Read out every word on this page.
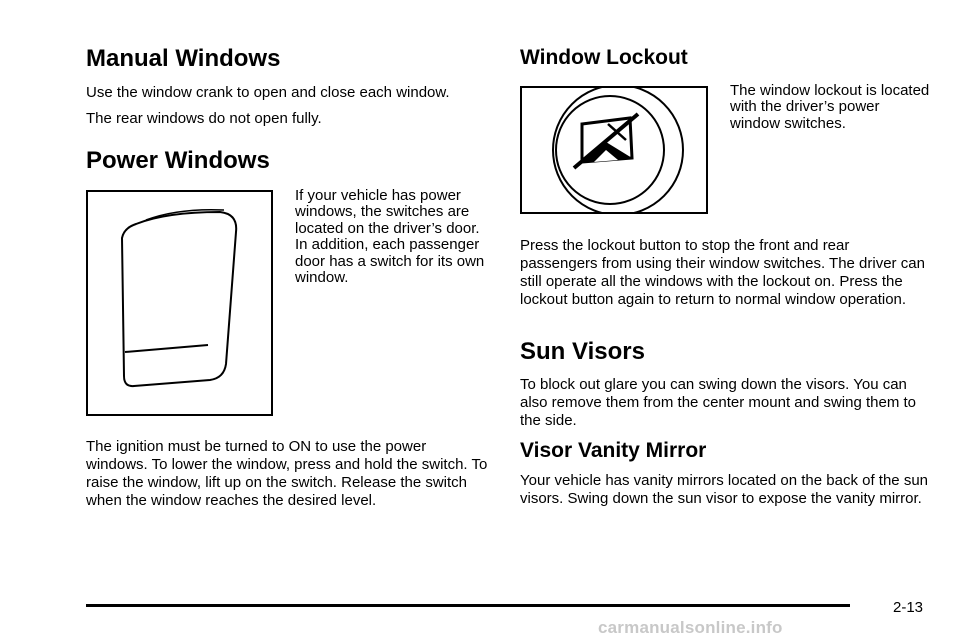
Manual Windows

Use the window crank to open and close each window.

The rear windows do not open fully.

Power Windows

If your vehicle has power windows, the switches are located on the driver’s door. In addition, each passenger door has a switch for its own window.

The ignition must be turned to ON to use the power windows. To lower the window, press and hold the switch. To raise the window, lift up on the switch. Release the switch when the window reaches the desired level.

Window Lockout

The window lockout is located with the driver’s power window switches.

Press the lockout button to stop the front and rear passengers from using their window switches. The driver can still operate all the windows with the lockout on. Press the lockout button again to return to normal window operation.

Sun Visors

To block out glare you can swing down the visors. You can also remove them from the center mount and swing them to the side.

Visor Vanity Mirror

Your vehicle has vanity mirrors located on the back of the sun visors. Swing down the sun visor to expose the vanity mirror.

2-13
carmanualsonline.info
